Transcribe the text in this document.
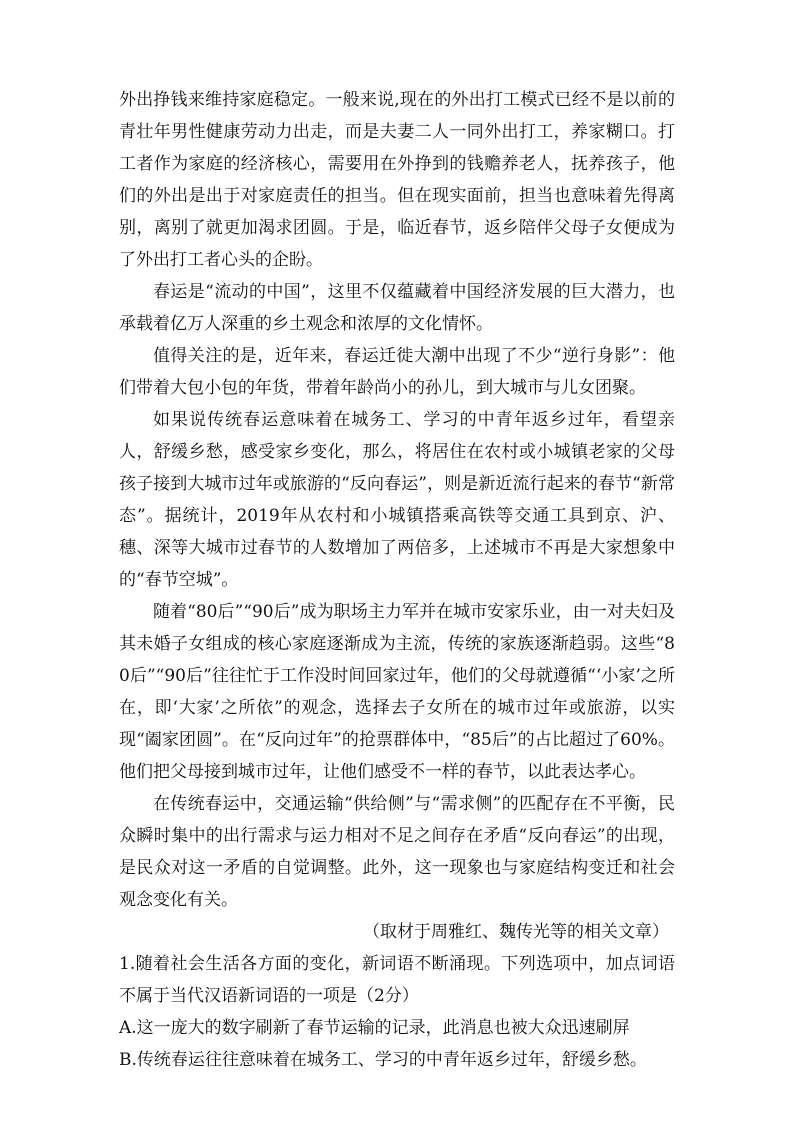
外出挣钱来维持家庭稳定。一般来说,现在的外出打工模式已经不是以前的青壮年男性健康劳动力出走，而是夫妻二人一同外出打工，养家糊口。打工者作为家庭的经济核心，需要用在外挣到的钱赡养老人，抚养孩子，他们的外出是出于对家庭责任的担当。但在现实面前，担当也意味着先得离别，离别了就更加渴求团圆。于是，临近春节，返乡陪伴父母子女便成为了外出打工者心头的企盼。

春运是“流动的中国”，这里不仅蕴藏着中国经济发展的巨大潜力，也承载着亿万人深重的乡土观念和浓厚的文化情怀。

值得关注的是，近年来，春运迁徙大潮中出现了不少“逆行身影”：他们带着大包小包的年货，带着年龄尚小的孙儿，到大城市与儿女团聚。

如果说传统春运意味着在城务工、学习的中青年返乡过年，看望亲人，舒缓乡愁，感受家乡变化，那么，将居住在农村或小城镇老家的父母孩子接到大城市过年或旅游的“反向春运”，则是新近流行起来的春节“新常态”。据统计，2019年从农村和小城镇搭乘高铁等交通工具到京、沪、穗、深等大城市过春节的人数增加了两倍多，上述城市不再是大家想象中的“春节空城”。

随着“80后”“90后”成为职场主力军并在城市安家乐业，由一对夫妇及其未婚子女组成的核心家庭逐渐成为主流，传统的家族逐渐趋弱。这些“80后”“90后”往往忙于工作没时间回家过年，他们的父母就遵循“‘小家’之所在，即‘大家’之所依”的观念，选择去子女所在的城市过年或旅游，以实现“阖家团圆”。在“反向过年”的抢票群体中，“85后”的占比超过了60%。他们把父母接到城市过年，让他们感受不一样的春节，以此表达孝心。

在传统春运中，交通运输“供给侧”与“需求侧”的匹配存在不平衡，民众瞬时集中的出行需求与运力相对不足之间存在矛盾“反向春运”的出现，是民众对这一矛盾的自觉调整。此外，这一现象也与家庭结构变迁和社会观念变化有关。

（取材于周雅红、魏传光等的相关文章）

1.随着社会生活各方面的变化，新词语不断涌现。下列选项中，加点词语不属于当代汉语新词语的一项是（2分）

A.这一庞大的数字刷新了春节运输的记录，此消息也被大众迅速刷屏

B.传统春运往往意味着在城务工、学习的中青年返乡过年，舒缓乡愁。
